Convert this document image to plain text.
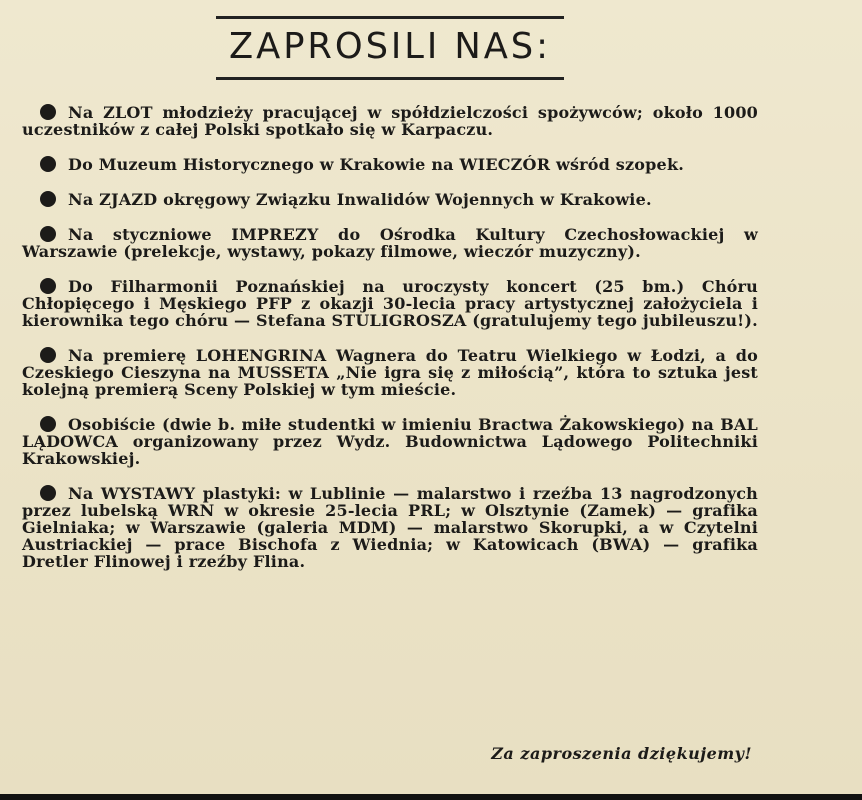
ZAPROSILI NAS:
Na ZLOT młodzieży pracującej w spółdzielczości spożywców; około 1000 uczestników z całej Polski spotkało się w Karpaczu.
Do Muzeum Historycznego w Krakowie na WIECZÓR wśród szopek.
Na ZJAZD okręgowy Związku Inwalidów Wojennych w Krakowie.
Na styczniowe IMPREZY do Ośrodka Kultury Czechosłowackiej w Warszawie (prelekcje, wystawy, pokazy filmowe, wieczór muzyczny).
Do Filharmonii Poznańskiej na uroczysty koncert (25 bm.) Chóru Chłopięcego i Męskiego PFP z okazji 30-lecia pracy artystycznej założyciela i kierownika tego chóru — Stefana STULIGROSZA (gratulujemy tego jubileuszu!).
Na premierę LOHENGRINA Wagnera do Teatru Wielkiego w Łodzi, a do Czeskiego Cieszyna na MUSSETA „Nie igra się z miłością”, która to sztuka jest kolejną premierą Sceny Polskiej w tym mieście.
Osobiście (dwie b. miłe studentki w imieniu Bractwa Żakowskiego) na BAL LĄDOWCA organizowany przez Wydz. Budownictwa Lądowego Politechniki Krakowskiej.
Na WYSTAWY plastyki: w Lublinie — malarstwo i rzeźba 13 nagrodzonych przez lubelską WRN w okresie 25-lecia PRL; w Olsztynie (Zamek) — grafika Gielniaka; w Warszawie (galeria MDM) — malarstwo Skorupki, a w Czytelni Austriackiej — prace Bischofa z Wiednia; w Katowicach (BWA) — grafika Dretler Flinowej i rzeźby Flina.
Za zaproszenia dziękujemy!
